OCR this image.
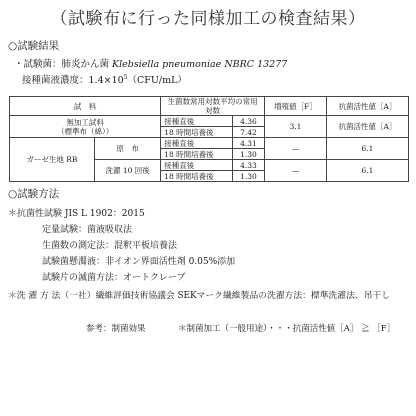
（試験布に行った同様加工の検査結果）
○試験結果
・試験菌：肺炎かん菌 Klebsiella pneumoniae NBRC 13277
接種菌液濃度：$1.4\times 10^5(CFU/mL)$
試　料		生菌数常用対数平均の常用対数		増殖値［F］	抗菌活性値［A］

無加工試料
（標準布（綿））		接種直後	4.36	3.1	抗菌活性値［A］
		18 時間培養後	7.42		
ガーゼ生地 RB	原　布	接種直後	4.31	—	6.1
		18 時間培養後	1.30		
	洗濯 10 回後	接種直後	4.33	—	6.1
		18 時間培養後	1.30		
○試験方法
＊抗菌性試験 JIS L 1902：2015
定量試験：菌液吸収法
生菌数の測定法：混釈平板培養法
試験菌懸濁液：非イオン界面活性剤 0.05%添加
試験片の滅菌方法：オートクレーブ
＊洗 濯 方 法（一社）繊維評価技術協議会 SEKマーク繊維製品の洗濯方法：標準洗濯法、吊干し
参考：制菌効果	＊制菌加工（一般用途）・・・抗菌活性値［A］ ≧ ［F］
